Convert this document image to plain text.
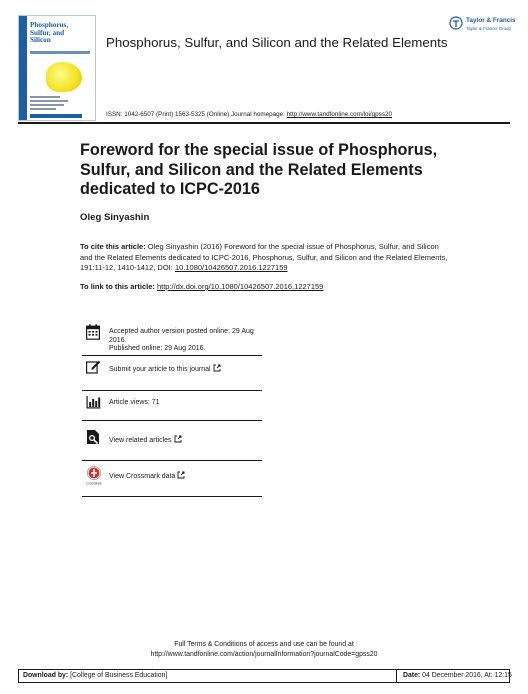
Phosphorus,
Sulfur, and
Silicon	Phosphorus, Sulfur, and Silicon and the Related Elements
Taylor & Francis
Taylor & Francis Group
ISSN: 1042-6507 (Print) 1563-5325 (Online) Journal homepage: http://www.tandfonline.com/loi/gpss20
Foreword for the special issue of Phosphorus, Sulfur, and Silicon and the Related Elements dedicated to ICPC-2016
Oleg Sinyashin
To cite this article: Oleg Sinyashin (2016) Foreword for the special issue of Phosphorus, Sulfur, and Silicon and the Related Elements dedicated to ICPC-2016, Phosphorus, Sulfur, and Silicon and the Related Elements, 191:11-12, 1410-1412, DOI: 10.1080/10426507.2016.1227159
To link to this article: http://dx.doi.org/10.1080/10426507.2016.1227159
Accepted author version posted online: 29 Aug 2016.
Published online: 29 Aug 2016.
Submit your article to this journal
Article views: 71
View related articles
CrossMark
View Crossmark data
Full Terms & Conditions of access and use can be found at
http://www.tandfonline.com/action/journalInformation?journalCode=gpss20
Download by: [College of Business Education]	Date: 04 December 2016, At: 12:15
